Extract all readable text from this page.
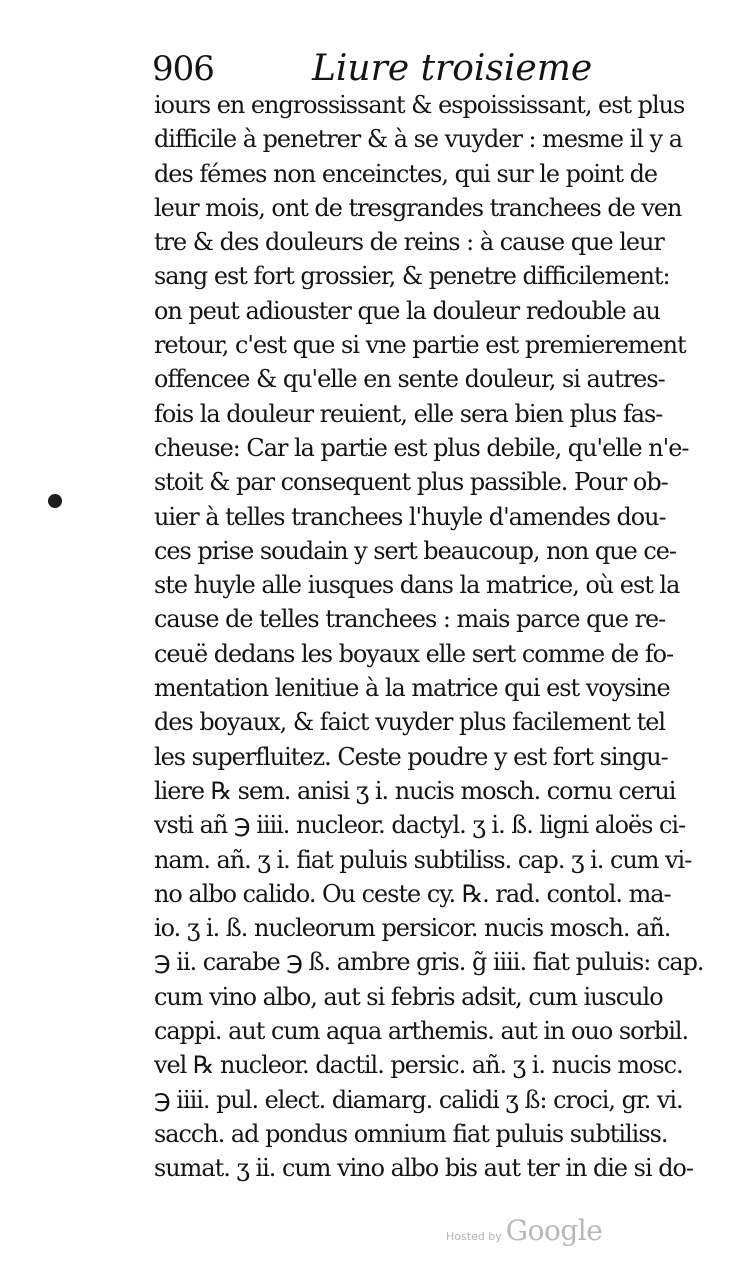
906	Liure troisieme
iours en engrossissant & espoississant, est plus
difficile à penetrer & à se vuyder : mesme il y a
des fémes non enceinctes, qui sur le point de
leur mois, ont de tresgrandes tranchees de ven
tre & des douleurs de reins : à cause que leur
sang est fort grossier, & penetre difficilement:
on peut adiouster que la douleur redouble au
retour, c'est que si vne partie est premierement
offencee & qu'elle en sente douleur, si autres-
fois la douleur reuient, elle sera bien plus fas-
cheuse: Car la partie est plus debile, qu'elle n'e-
stoit & par consequent plus passible. Pour ob-
uier à telles tranchees l'huyle d'amendes dou-
ces prise soudain y sert beaucoup, non que ce-
ste huyle alle iusques dans la matrice, où est la
cause de telles tranchees : mais parce que re-
ceuë dedans les boyaux elle sert comme de fo-
mentation lenitiue à la matrice qui est voysine
des boyaux, & faict vuyder plus facilement tel
les superfluitez. Ceste poudre y est fort singu-
liere ℞ sem. anisi ʒ i. nucis mosch. cornu cerui
vsti añ ℈ iiii. nucleor. dactyl. ʒ i. ß. ligni aloës ci-
nam. añ. ʒ i. fiat puluis subtiliss. cap. ʒ i. cum vi-
no albo calido. Ou ceste cy. ℞. rad. contol. ma-
io. ʒ i. ß. nucleorum persicor. nucis mosch. añ.
℈ ii. carabe ℈ ß. ambre gris. g̃ iiii. fiat puluis: cap.
cum vino albo, aut si febris adsit, cum iusculo
cappi. aut cum aqua arthemis. aut in ouo sorbil.
vel ℞ nucleor. dactil. persic. añ. ʒ i. nucis mosc.
℈ iiii. pul. elect. diamarg. calidi ʒ ß: croci, gr. vi.
sacch. ad pondus omnium fiat puluis subtiliss.
sumat. ʒ ii. cum vino albo bis aut ter in die si do-
Hosted by Google
